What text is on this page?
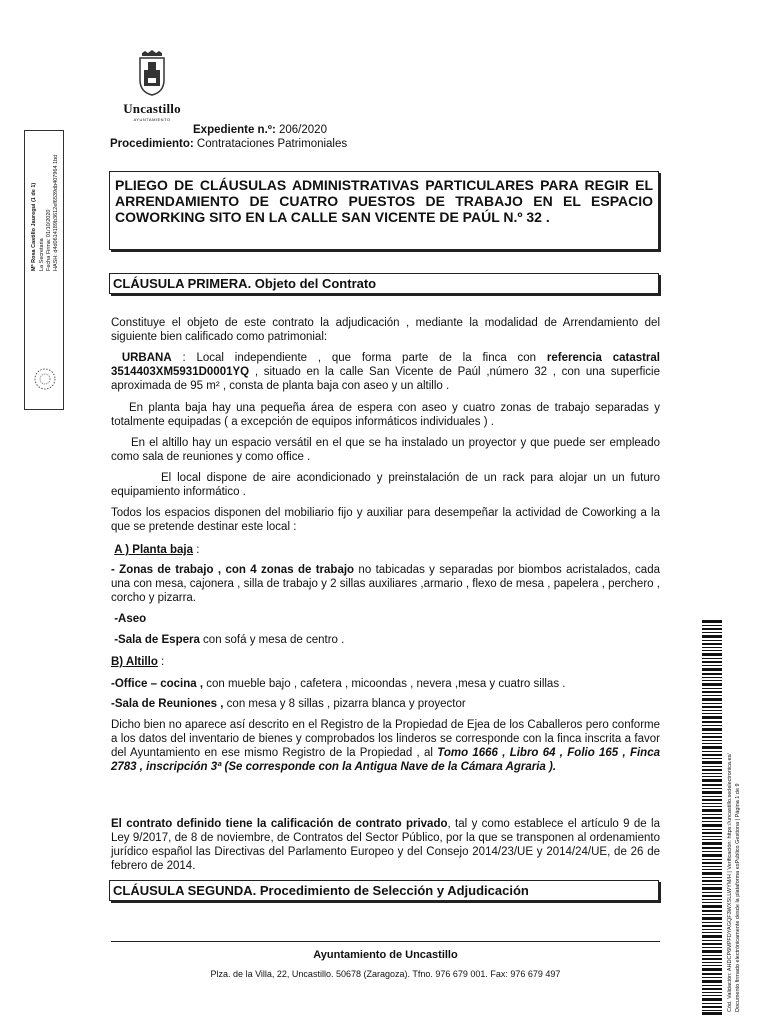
Uncastillo
AYUNTAMIENTO
Expediente n.º: 206/2020
Procedimiento: Contrataciones Patrimoniales
PLIEGO DE CLÁUSULAS ADMINISTRATIVAS PARTICULARES PARA REGIR EL ARRENDAMIENTO DE CUATRO PUESTOS DE TRABAJO EN EL ESPACIO COWORKING SITO EN LA CALLE SAN VICENTE DE PAÚL N.º 32 .
CLÁUSULA PRIMERA. Objeto del Contrato
Constituye el objeto de este contrato la adjudicación , mediante la modalidad de Arrendamiento del siguiente bien calificado como patrimonial:
URBANA : Local independiente , que forma parte de la finca con referencia catastral 3514403XM5931D0001YQ , situado en la calle San Vicente de Paúl ,número 32 , con una superficie aproximada de 95 m² , consta de planta baja con aseo y un altillo .
En planta baja hay una pequeña área de espera con aseo y cuatro zonas de trabajo separadas y totalmente equipadas ( a excepción de equipos informáticos individuales ) .
En el altillo hay un espacio versátil en el que se ha instalado un proyector y que puede ser empleado como sala de reuniones y como office .
El local dispone de aire acondicionado y preinstalación de un rack para alojar un un futuro equipamiento informático .
Todos los espacios disponen del mobiliario fijo y auxiliar para desempeñar la actividad de Coworking a la que se pretende destinar este local :
A ) Planta baja :
- Zonas de trabajo , con 4 zonas de trabajo no tabicadas y separadas por biombos acristalados, cada una con mesa, cajonera , silla de trabajo y 2 sillas auxiliares ,armario , flexo de mesa , papelera , perchero , corcho y pizarra.
-Aseo
-Sala de Espera con sofá y mesa de centro .
B) Altillo :
-Office – cocina , con mueble bajo , cafetera , micoondas , nevera ,mesa y cuatro sillas .
-Sala de Reuniones , con mesa y 8 sillas , pizarra blanca y proyector
Dicho bien no aparece así descrito en el Registro de la Propiedad de Ejea de los Caballeros pero conforme a los datos del inventario de bienes y comprobados los linderos se corresponde con la finca inscrita a favor del Ayuntamiento en ese mismo Registro de la Propiedad , al Tomo 1666 , Libro 64 , Folio 165 , Finca 2783 , inscripción 3ª (Se corresponde con la Antigua Nave de la Cámara Agraria ).
El contrato definido tiene la calificación de contrato privado, tal y como establece el artículo 9 de la Ley 9/2017, de 8 de noviembre, de Contratos del Sector Público, por la que se transponen al ordenamiento jurídico español las Directivas del Parlamento Europeo y del Consejo 2014/23/UE y 2014/24/UE, de 26 de febrero de 2014.
CLÁUSULA SEGUNDA. Procedimiento de Selección y Adjudicación
Ayuntamiento de Uncastillo
Plza. de la Villa, 22, Uncastillo. 50678 (Zaragoza). Tfno. 976 679 001. Fax: 976 679 497
Mª Rosa Castillo Jauregui (1 de 1) La Secretaria Fecha Firma: 01/10/2020 HASH: d4d0614189b3612ef6539db407964 1bd
Cód. Validación: AHDCP6MPFDYAGQF3WXSLLWYM/H | Verificación: https://uncastillo.sedelectronica.es/ Documento firmado electrónicamente desde la plataforma esPublico Gestiona | Página 1 de 9
